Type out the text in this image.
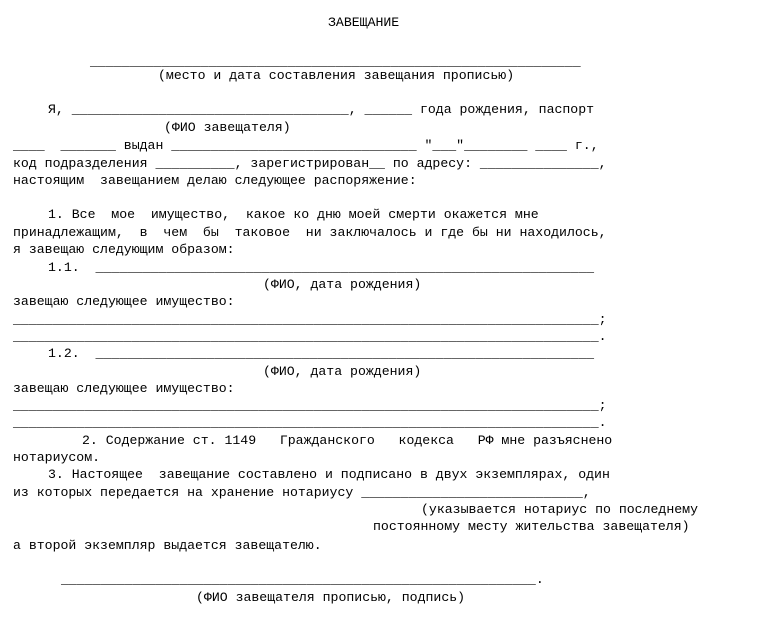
ЗАВЕЩАНИЕ
______________________________________________________________
(место и дата составления завещания прописью)
Я, ___________________________________, ______ года рождения, паспорт
(ФИО завещателя)
____  _______ выдан _______________________________ "___"________ ____ г.,
код подразделения __________, зарегистрирован__ по адресу: _______________,
настоящим  завещанием делаю следующее распоряжение:
1. Все  мое  имущество,  какое ко дню моей смерти окажется мне
принадлежащим,  в  чем  бы  таковое  ни заключалось и где бы ни находилось,
я завещаю следующим образом:
1.1.  _______________________________________________________________
(ФИО, дата рождения)
завещаю следующее имущество:
__________________________________________________________________________;
__________________________________________________________________________.
1.2.  _______________________________________________________________
(ФИО, дата рождения)
завещаю следующее имущество:
__________________________________________________________________________;
__________________________________________________________________________.
2. Содержание ст. 1149   Гражданского   кодекса   РФ мне разъяснено
нотариусом.
3. Настоящее  завещание составлено и подписано в двух экземплярах, один
из которых передается на хранение нотариусу ____________________________,
(указывается нотариус по последнему
постоянному месту жительства завещателя)
а второй экземпляр выдается завещателю.
____________________________________________________________.
(ФИО завещателя прописью, подпись)
